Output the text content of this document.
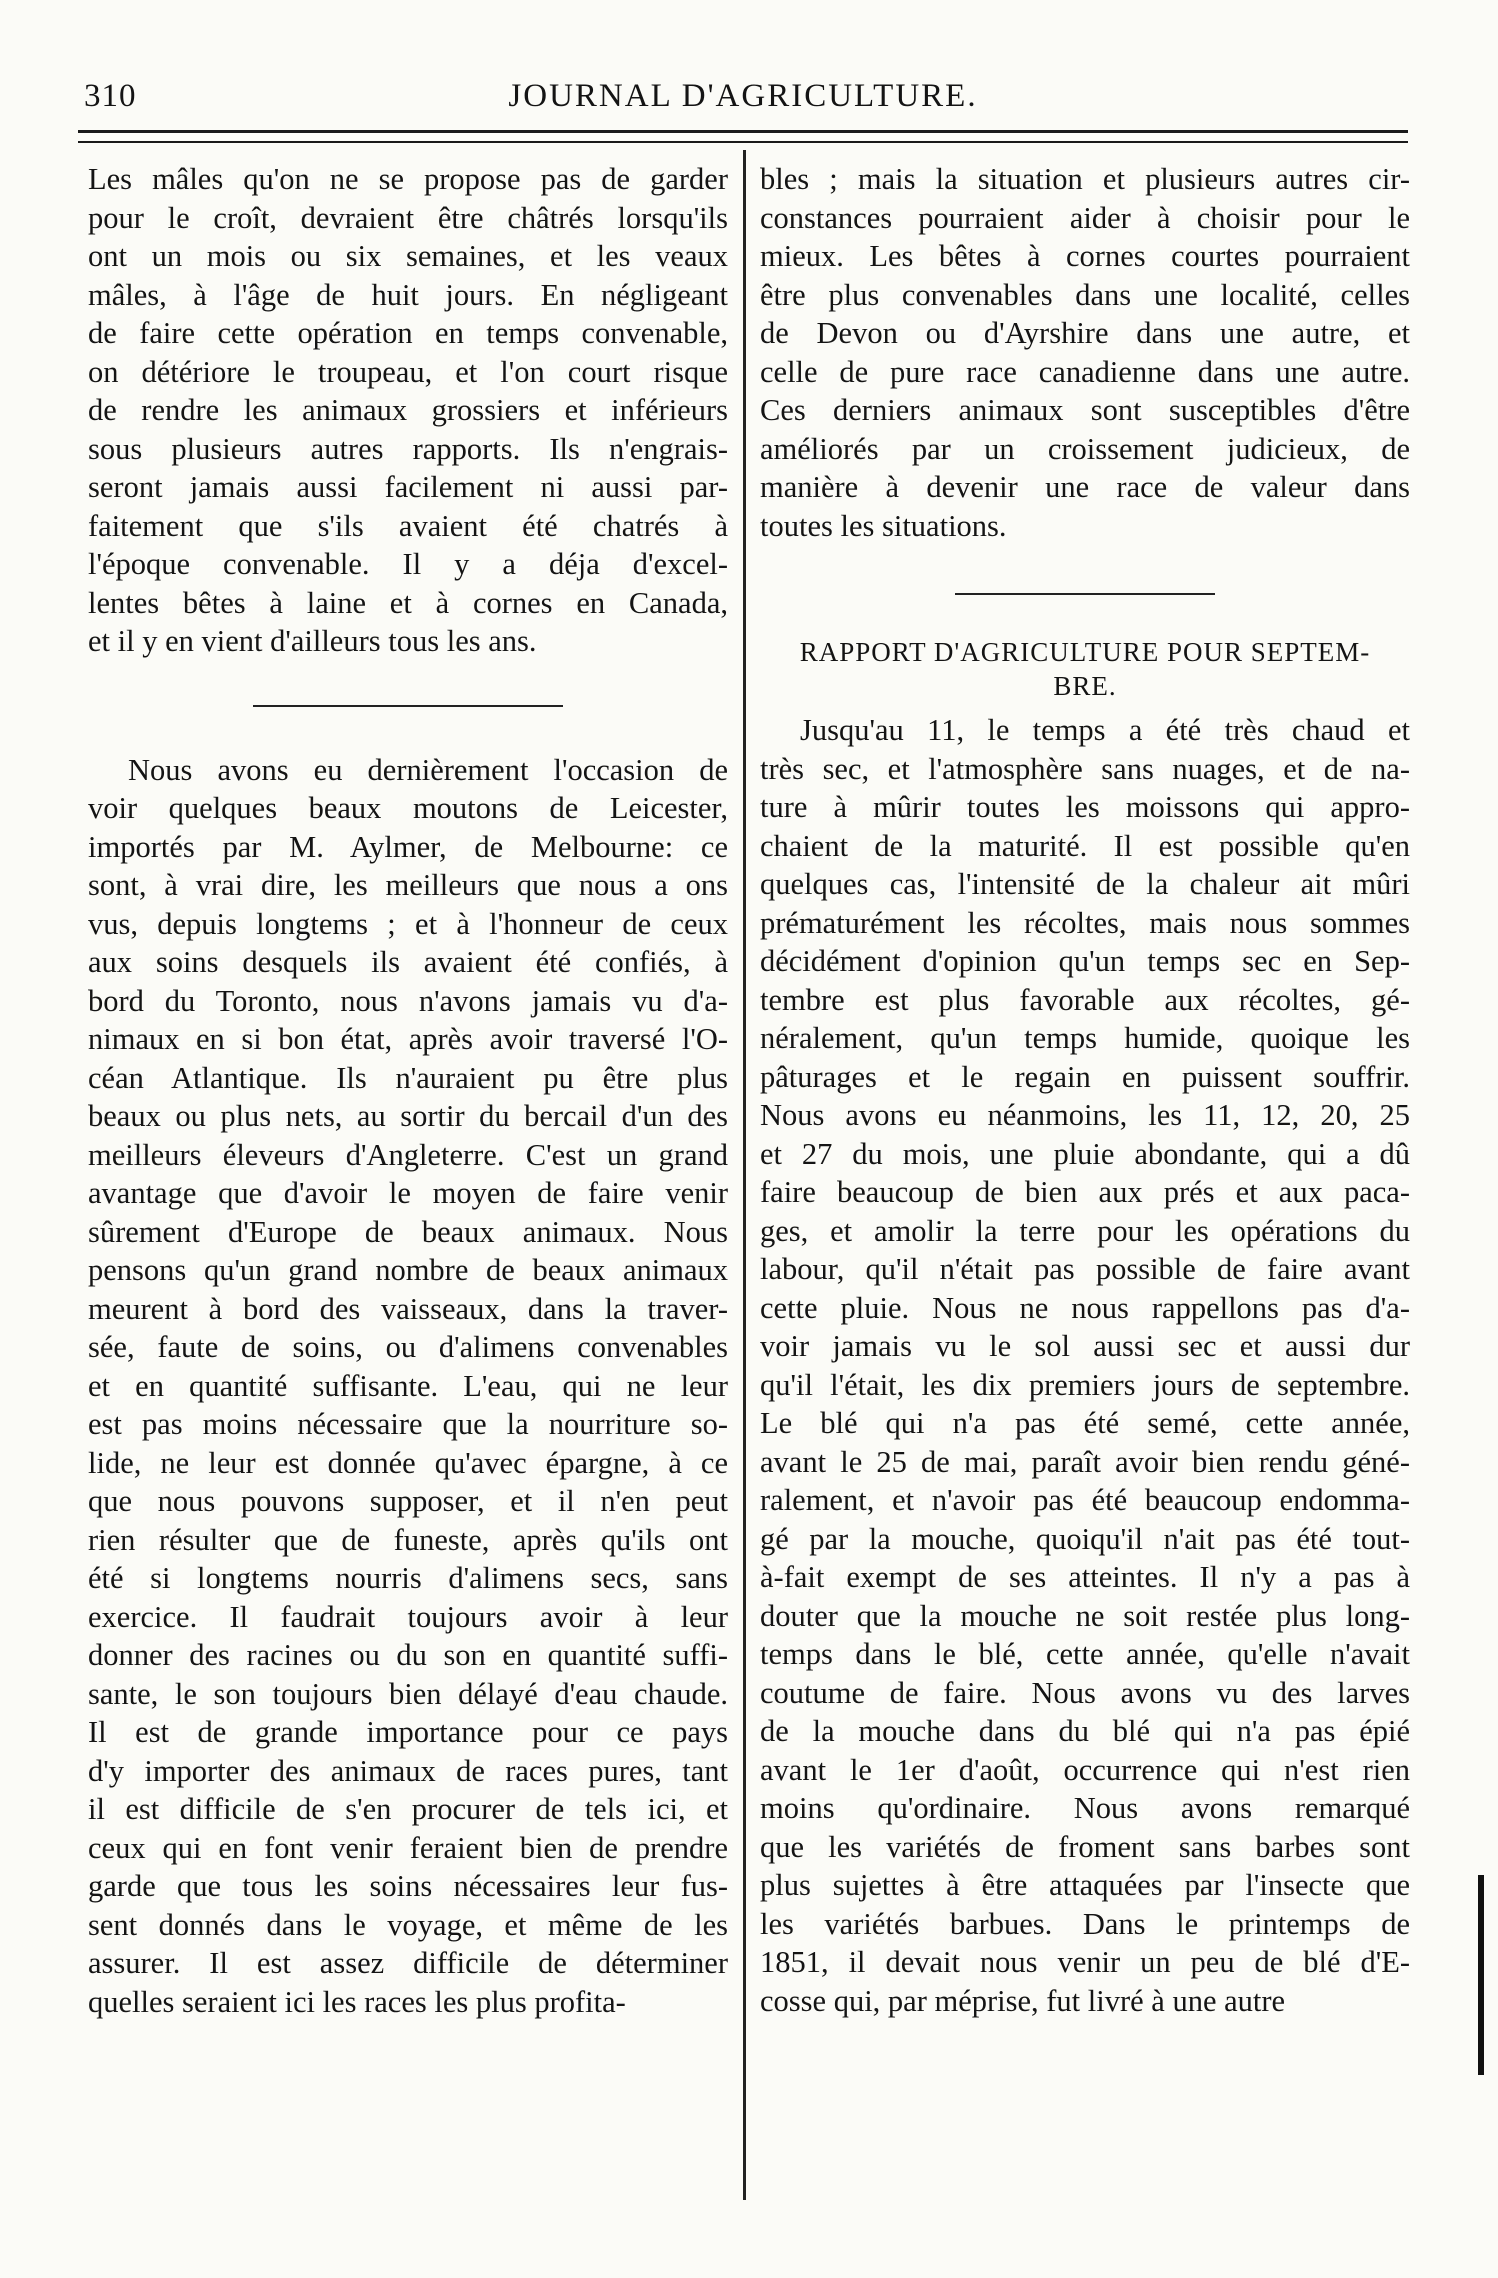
310	JOURNAL D'AGRICULTURE.
Les mâles qu'on ne se propose pas de garder
pour le croît, devraient être châtrés lorsqu'ils
ont un mois ou six semaines, et les veaux
mâles, à l'âge de huit jours. En négligeant
de faire cette opération en temps convenable,
on détériore le troupeau, et l'on court risque
de rendre les animaux grossiers et inférieurs
sous plusieurs autres rapports. Ils n'engrais-
seront jamais aussi facilement ni aussi par-
faitement que s'ils avaient été chatrés à
l'époque convenable. Il y a déja d'excel-
lentes bêtes à laine et à cornes en Canada,
et il y en vient d'ailleurs tous les ans.
Nous avons eu dernièrement l'occasion de
voir quelques beaux moutons de Leicester,
importés par M. Aylmer, de Melbourne: ce
sont, à vrai dire, les meilleurs que nous a ons
vus, depuis longtems ; et à l'honneur de ceux
aux soins desquels ils avaient été confiés, à
bord du Toronto, nous n'avons jamais vu d'a-
nimaux en si bon état, après avoir traversé l'O-
céan Atlantique. Ils n'auraient pu être plus
beaux ou plus nets, au sortir du bercail d'un des
meilleurs éleveurs d'Angleterre. C'est un grand
avantage que d'avoir le moyen de faire venir
sûrement d'Europe de beaux animaux. Nous
pensons qu'un grand nombre de beaux animaux
meurent à bord des vaisseaux, dans la traver-
sée, faute de soins, ou d'alimens convenables
et en quantité suffisante. L'eau, qui ne leur
est pas moins nécessaire que la nourriture so-
lide, ne leur est donnée qu'avec épargne, à ce
que nous pouvons supposer, et il n'en peut
rien résulter que de funeste, après qu'ils ont
été si longtems nourris d'alimens secs, sans
exercice. Il faudrait toujours avoir à leur
donner des racines ou du son en quantité suffi-
sante, le son toujours bien délayé d'eau chaude.
Il est de grande importance pour ce pays
d'y importer des animaux de races pures, tant
il est difficile de s'en procurer de tels ici, et
ceux qui en font venir feraient bien de prendre
garde que tous les soins nécessaires leur fus-
sent donnés dans le voyage, et même de les
assurer. Il est assez difficile de déterminer
quelles seraient ici les races les plus profita-
bles ; mais la situation et plusieurs autres cir-
constances pourraient aider à choisir pour le
mieux. Les bêtes à cornes courtes pourraient
être plus convenables dans une localité, celles
de Devon ou d'Ayrshire dans une autre, et
celle de pure race canadienne dans une autre.
Ces derniers animaux sont susceptibles d'être
améliorés par un croissement judicieux, de
manière à devenir une race de valeur dans
toutes les situations.
RAPPORT D'AGRICULTURE POUR SEPTEM-
BRE.
Jusqu'au 11, le temps a été très chaud et
très sec, et l'atmosphère sans nuages, et de na-
ture à mûrir toutes les moissons qui appro-
chaient de la maturité. Il est possible qu'en
quelques cas, l'intensité de la chaleur ait mûri
prématurément les récoltes, mais nous sommes
décidément d'opinion qu'un temps sec en Sep-
tembre est plus favorable aux récoltes, gé-
néralement, qu'un temps humide, quoique les
pâturages et le regain en puissent souffrir.
Nous avons eu néanmoins, les 11, 12, 20, 25
et 27 du mois, une pluie abondante, qui a dû
faire beaucoup de bien aux prés et aux paca-
ges, et amolir la terre pour les opérations du
labour, qu'il n'était pas possible de faire avant
cette pluie. Nous ne nous rappellons pas d'a-
voir jamais vu le sol aussi sec et aussi dur
qu'il l'était, les dix premiers jours de septembre.
Le blé qui n'a pas été semé, cette année,
avant le 25 de mai, paraît avoir bien rendu géné-
ralement, et n'avoir pas été beaucoup endomma-
gé par la mouche, quoiqu'il n'ait pas été tout-
à-fait exempt de ses atteintes. Il n'y a pas à
douter que la mouche ne soit restée plus long-
temps dans le blé, cette année, qu'elle n'avait
coutume de faire. Nous avons vu des larves
de la mouche dans du blé qui n'a pas épié
avant le 1er d'août, occurrence qui n'est rien
moins qu'ordinaire. Nous avons remarqué
que les variétés de froment sans barbes sont
plus sujettes à être attaquées par l'insecte que
les variétés barbues. Dans le printemps de
1851, il devait nous venir un peu de blé d'E-
cosse qui, par méprise, fut livré à une autre
